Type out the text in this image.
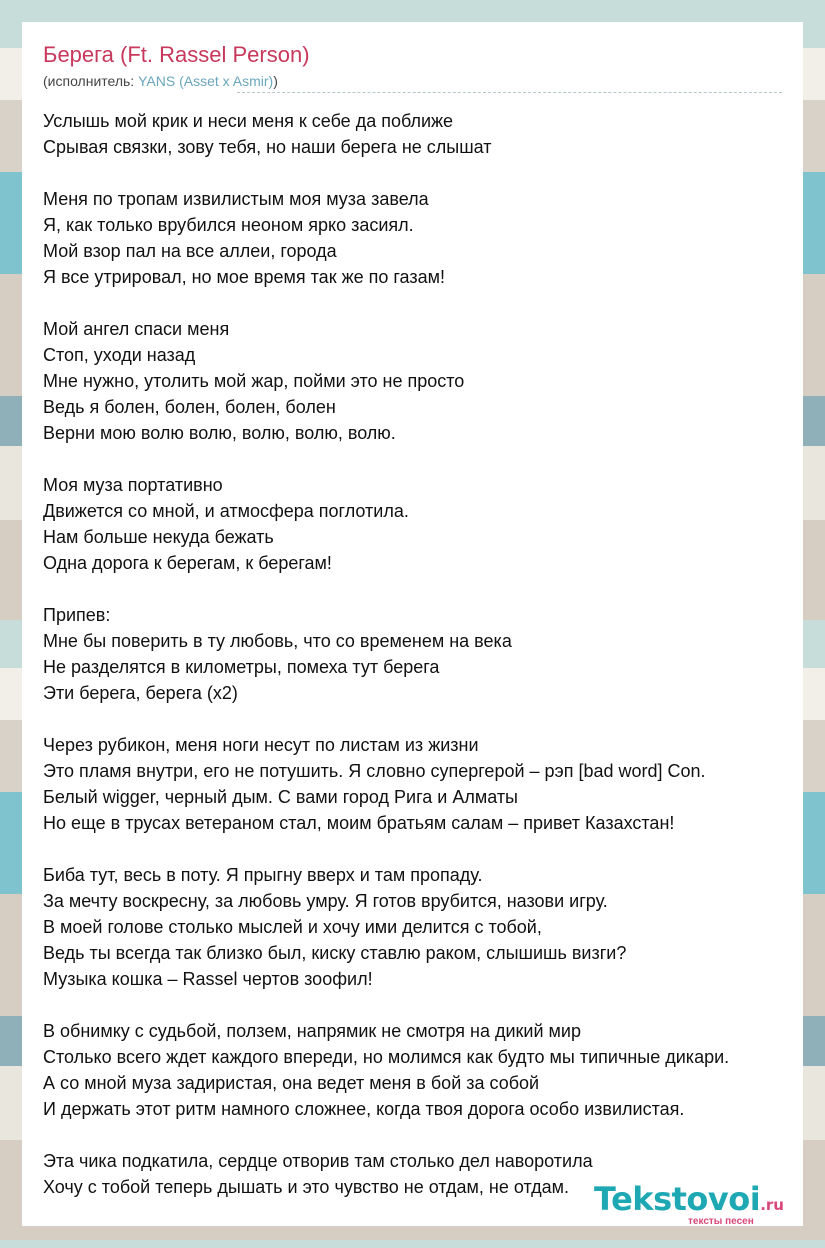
Берега (Ft. Rassel Person)
(исполнитель: YANS (Asset x Asmir))
Услышь мой крик и неси меня к себе да поближе
Срывая связки, зову тебя, но наши берега не слышат
Меня по тропам извилистым моя муза завела
Я, как только врубился неоном ярко засиял.
Мой взор пал на все аллеи, города
Я все утрировал, но мое время так же по газам!
Мой ангел спаси меня
Стоп, уходи назад
Мне нужно, утолить мой жар, пойми это не просто
Ведь я болен, болен, болен, болен
Верни мою волю волю, волю, волю, волю.
Моя муза портативно
Движется со мной, и атмосфера поглотила.
Нам больше некуда бежать
Одна дорога к берегам, к берегам!
Припев:
Мне бы поверить в ту любовь, что со временем на века
Не разделятся в километры, помеха тут берега
Эти берега, берега (x2)
Через рубикон, меня ноги несут по листам из жизни
Это пламя внутри, его не потушить. Я словно супергерой – рэп [bad word] Con.
Белый wigger, черный дым. С вами город Рига и Алматы
Но еще в трусах ветераном стал, моим братьям салам – привет Казахстан!
Биба тут, весь в поту. Я прыгну вверх и там пропаду.
За мечту воскресну, за любовь умру. Я готов врубится, назови игру.
В моей голове столько мыслей и хочу ими делится с тобой,
Ведь ты всегда так близко был, киску ставлю раком, слышишь визги?
Музыка кошка – Rassel чертов зоофил!
В обнимку с судьбой, ползем, напрямик не смотря на дикий мир
Столько всего ждет каждого впереди, но молимся как будто мы типичные дикари.
А со мной муза задиристая, она ведет меня в бой за собой
И держать этот ритм намного сложнее, когда твоя дорога особо извилистая.
Эта чика подкатила, сердце отворив там столько дел наворотила
Хочу с тобой теперь дышать и это чувство не отдам, не отдам. Tekstovoi.ru
тексты песен
